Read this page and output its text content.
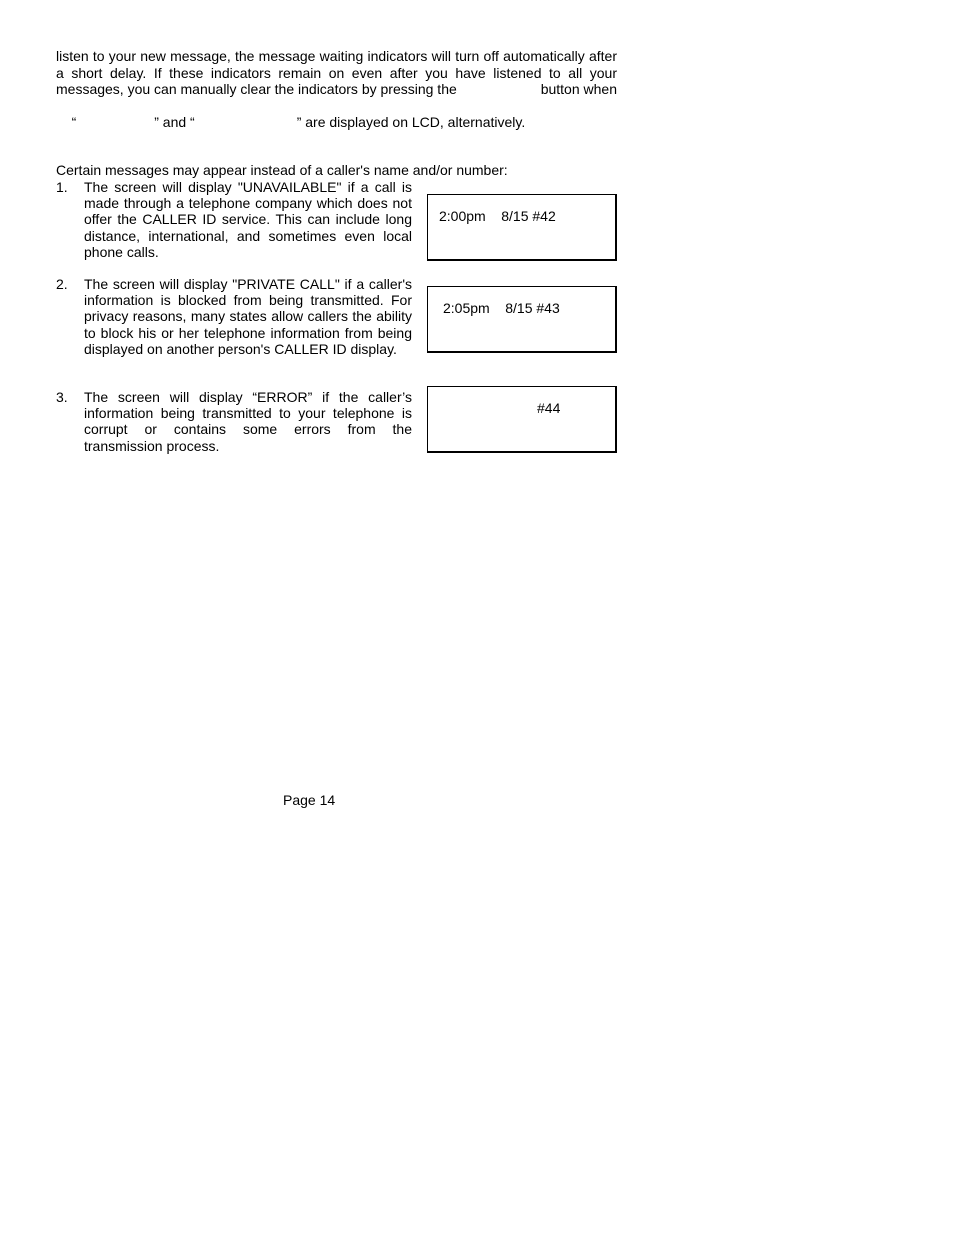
listen to your new message, the message waiting indicators will turn off automatically after
a short delay. If these indicators remain on even after you have listened to all your
messages, you can manually clear the indicators by pressing the	button when

“	” and “	” are displayed on LCD, alternatively.

Certain messages may appear instead of a caller's name and/or number:
1. The screen will display "UNAVAILABLE" if a call is made through a telephone company which does not offer the CALLER ID service. This can include long distance, international, and sometimes even local phone calls.
2:00pm    8/15 #42
2. The screen will display "PRIVATE CALL" if a caller's information is blocked from being transmitted. For privacy reasons, many states allow callers the ability to block his or her telephone information from being displayed on another person's CALLER ID display.
2:05pm    8/15 #43
3. The screen will display “ERROR” if the caller’s information being transmitted to your telephone is corrupt or contains some errors from the transmission process.
#44
Page 14
